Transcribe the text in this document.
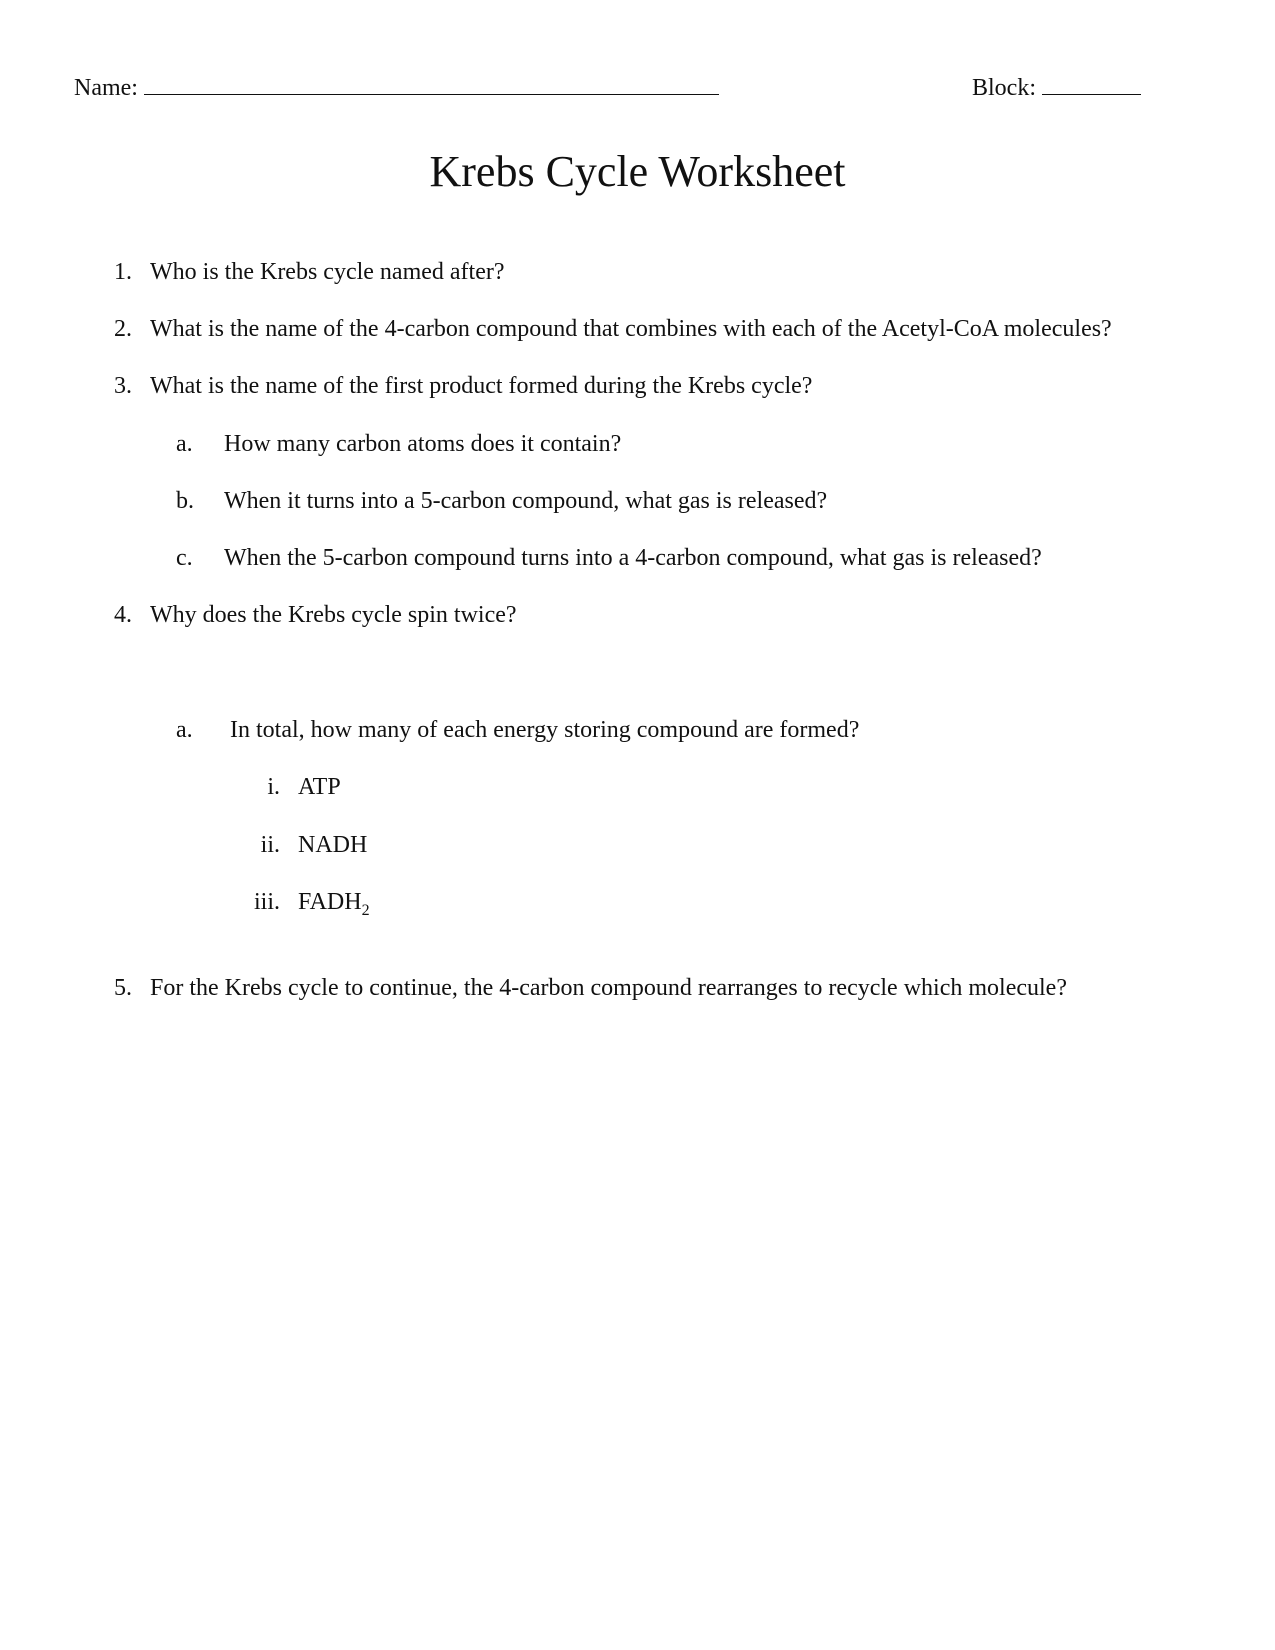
Name:	Block:
Krebs Cycle Worksheet
1. Who is the Krebs cycle named after?
2. What is the name of the 4-carbon compound that combines with each of the Acetyl-CoA molecules?
3. What is the name of the first product formed during the Krebs cycle?
a.	How many carbon atoms does it contain?
b.	When it turns into a 5-carbon compound, what gas is released?
c.	When the 5-carbon compound turns into a 4-carbon compound, what gas is released?
4. Why does the Krebs cycle spin twice?
a.	In total, how many of each energy storing compound are formed?
i. ATP
ii. NADH
iii. $FADH_2$
5. For the Krebs cycle to continue, the 4-carbon compound rearranges to recycle which molecule?
